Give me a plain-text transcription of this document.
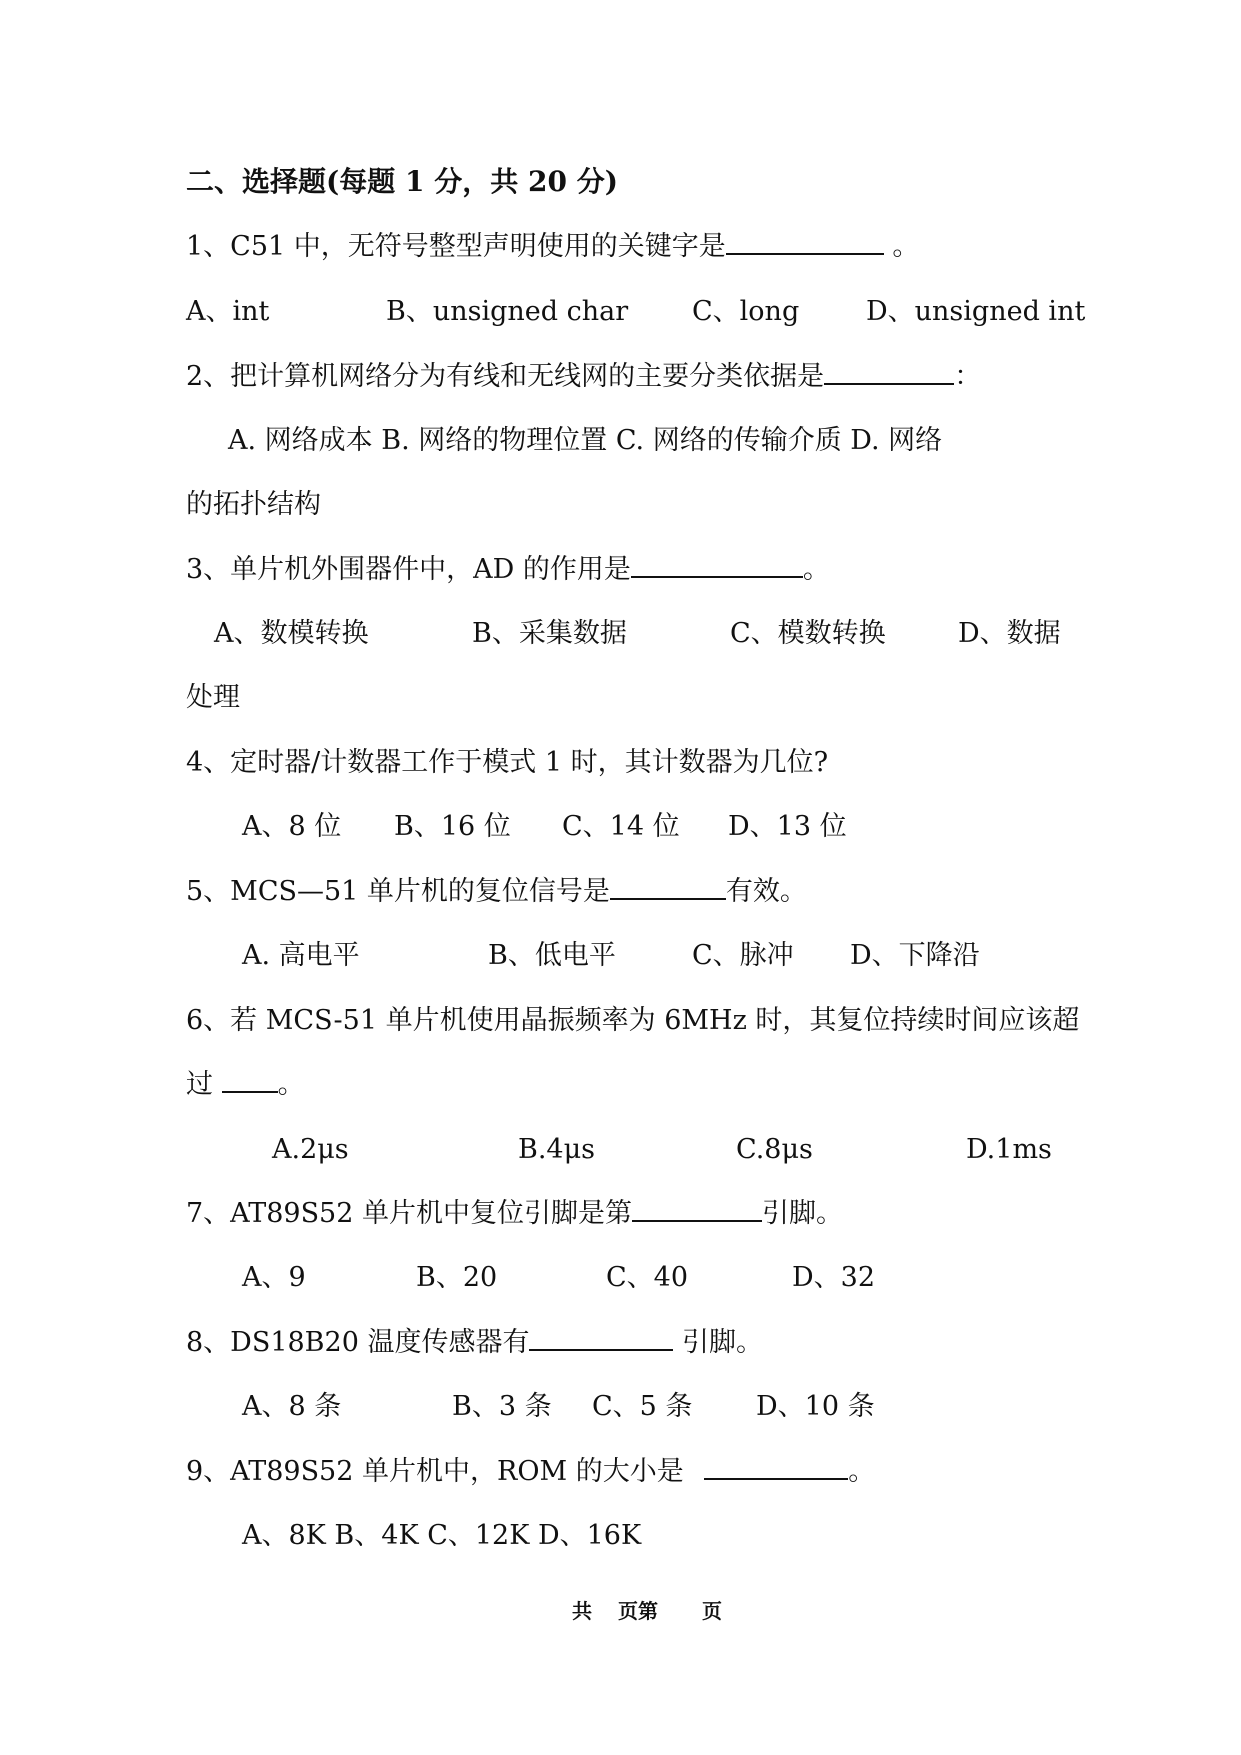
二、选择题(每题 1 分，共 20 分)
1、C51 中，无符号整型声明使用的关键字是	。
A、int	B、unsigned char C、long D、unsigned int
2、把计算机网络分为有线和无线网的主要分类依据是	：
A. 网络成本 B. 网络的物理位置 C. 网络的传输介质 D. 网络
的拓扑结构
3、单片机外围器件中，AD 的作用是	。
A、数模转换	B、采集数据	C、模数转换	D、数据
处理
4、定时器/计数器工作于模式 1 时，其计数器为几位?
A、8 位 B、16 位 C、14 位 D、13 位
5、MCS—51 单片机的复位信号是	有效。
A. 高电平	B、低电平	C、脉冲 D、下降沿
6、若 MCS-51 单片机使用晶振频率为 6MHz 时，其复位持续时间应该超
过 。
A.2μs	B.4μs	C.8μs	D.1ms
7、AT89S52 单片机中复位引脚是第	引脚。
A、9	B、20	C、40	D、32
8、DS18B20 温度传感器有	引脚。
A、8 条	B、3 条 C、5 条 D、10 条
9、AT89S52 单片机中，ROM 的大小是	。
A、8K B、4K C、12K D、16K
共 页第 页
